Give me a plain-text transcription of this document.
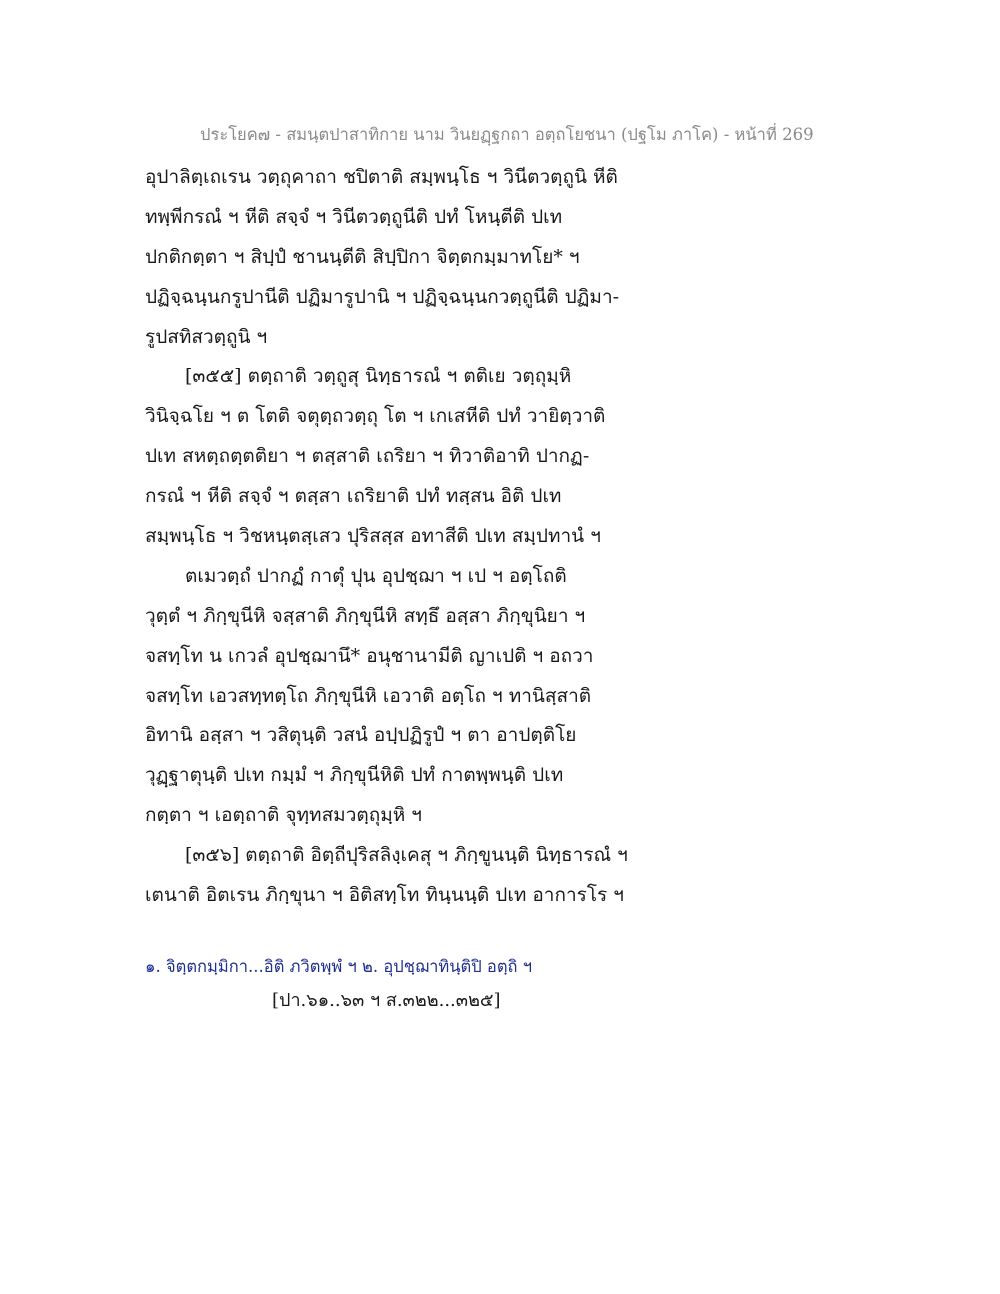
ประโยค๗ - สมนฺตปาสาทิกาย นาม วินยฏฺฐกถา อตฺถโยชนา (ปฐโม ภาโค) - หน้าที่ 269
อุปาลิตฺเถเรน วตฺถุคาถา ชปิตาติ สมฺพนฺโธ ฯ วินีตวตฺถูนิ หีติ
ทพฺพีกรณํ ฯ หีติ สจฺจํ ฯ วินีตวตฺถูนีติ ปทํ โหนฺตีติ ปเท
ปกติกตฺตา ฯ สิปฺปํ ชานนฺตีติ สิปฺปิกา จิตฺตกมฺมาทโย* ฯ
ปฏิจฺฉนฺนกรูปานีติ ปฏิมารูปานิ ฯ ปฏิจฺฉนฺนกวตฺถูนีติ ปฏิมา-
รูปสทิสวตฺถูนิ ฯ
[๓๕๕] ตตฺถาติ วตฺถูสุ นิทฺธารณํ ฯ ตติเย วตฺถุมฺหิ
วินิจฺฉโย ฯ ต โตติ จตุตฺถวตฺถุ โต ฯ เกเสหีติ ปทํ วายิตฺวาติ
ปเท สหตฺถตฺตติยา ฯ ตสฺสาติ เถริยา ฯ ทิวาติอาทิ ปากฏ-
กรณํ ฯ หีติ สจฺจํ ฯ ตสฺสา เถริยาติ ปทํ ทสฺสน อิติ ปเท
สมฺพนฺโธ ฯ วิชหนฺตสฺเสว ปุริสสฺส อทาสีติ ปเท สมฺปทานํ ฯ
ตเมวตฺถํ ปากฏํ กาตุํ ปุน อุปชฺฌา ฯ เป ฯ อตฺโถติ
วุตฺตํ ฯ ภิกฺขุนีหิ จสฺสาติ ภิกฺขุนีหิ สทฺธึ อสฺสา ภิกฺขุนิยา ฯ
จสทฺโท น เกวลํ อุปชฺฌานึ* อนุชานามีติ ญาเปติ ฯ อถวา
จสทฺโท เอวสทฺทตฺโถ ภิกฺขุนีหิ เอวาติ อตฺโถ ฯ ทานิสฺสาติ
อิทานิ อสฺสา ฯ วสิตุนฺติ วสนํ อปฺปฏิรูปํ ฯ ตา อาปตฺติโย
วุฏฺฐาตุนฺติ ปเท กมฺมํ ฯ ภิกฺขุนีหิติ ปทํ กาตพฺพนฺติ ปเท
กตฺตา ฯ เอตฺถาติ จุทฺทสมวตฺถุมฺหิ ฯ
[๓๕๖] ตตฺถาติ อิตฺถีปุริสลิงฺเคสุ ฯ ภิกฺขูนนฺติ นิทฺธารณํ ฯ
เตนาติ อิตเรน ภิกฺขุนา ฯ อิติสทฺโท ทินฺนนฺติ ปเท อาการโร ฯ
๑. จิตฺตกมฺมิกา...อิติ ภวิตพฺพํ ฯ ๒. อุปชฺฌาทินฺติปิ อตฺถิ ฯ
[ปา.๖๑..๖๓ ฯ ส.๓๒๒...๓๒๕]
